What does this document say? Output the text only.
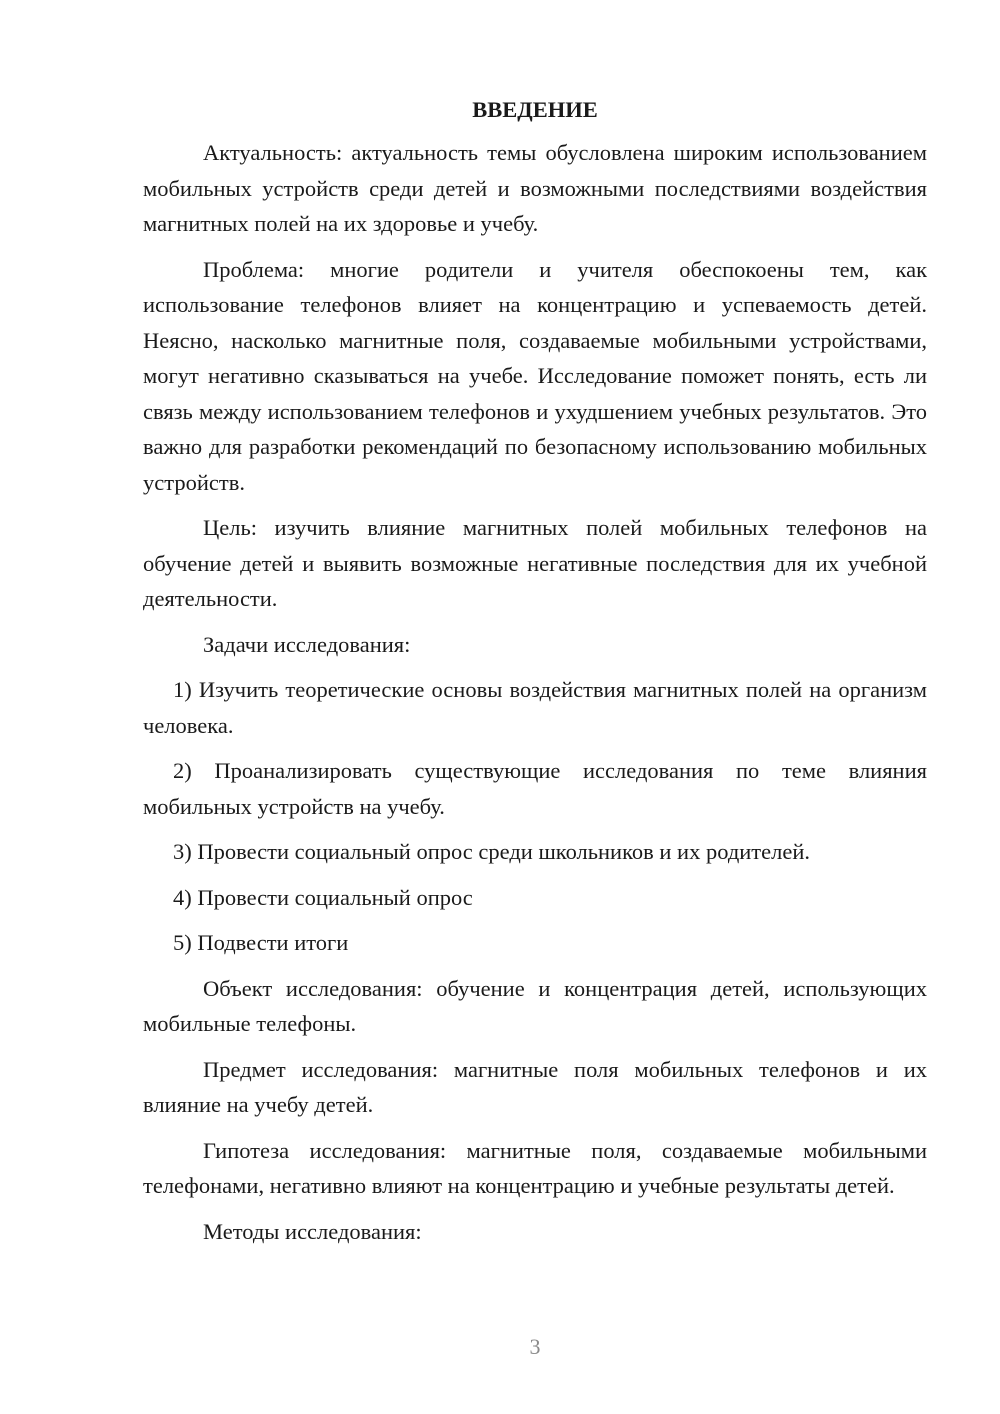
ВВЕДЕНИЕ

Актуальность: актуальность темы обусловлена широким использованием мобильных устройств среди детей и возможными последствиями воздействия магнитных полей на их здоровье и учебу.

Проблема: многие родители и учителя обеспокоены тем, как использование телефонов влияет на концентрацию и успеваемость детей. Неясно, насколько магнитные поля, создаваемые мобильными устройствами, могут негативно сказываться на учебе. Исследование поможет понять, есть ли связь между использованием телефонов и ухудшением учебных результатов. Это важно для разработки рекомендаций по безопасному использованию мобильных устройств.

Цель: изучить влияние магнитных полей мобильных телефонов на обучение детей и выявить возможные негативные последствия для их учебной деятельности.

Задачи исследования:

1) Изучить теоретические основы воздействия магнитных полей на организм человека.

2) Проанализировать существующие исследования по теме влияния мобильных устройств на учебу.

3) Провести социальный опрос среди школьников и их родителей.

4) Провести социальный опрос

5) Подвести итоги

Объект исследования: обучение и концентрация детей, использующих мобильные телефоны.

Предмет исследования: магнитные поля мобильных телефонов и их влияние на учебу детей.

Гипотеза исследования: магнитные поля, создаваемые мобильными телефонами, негативно влияют на концентрацию и учебные результаты детей.

Методы исследования:

3
